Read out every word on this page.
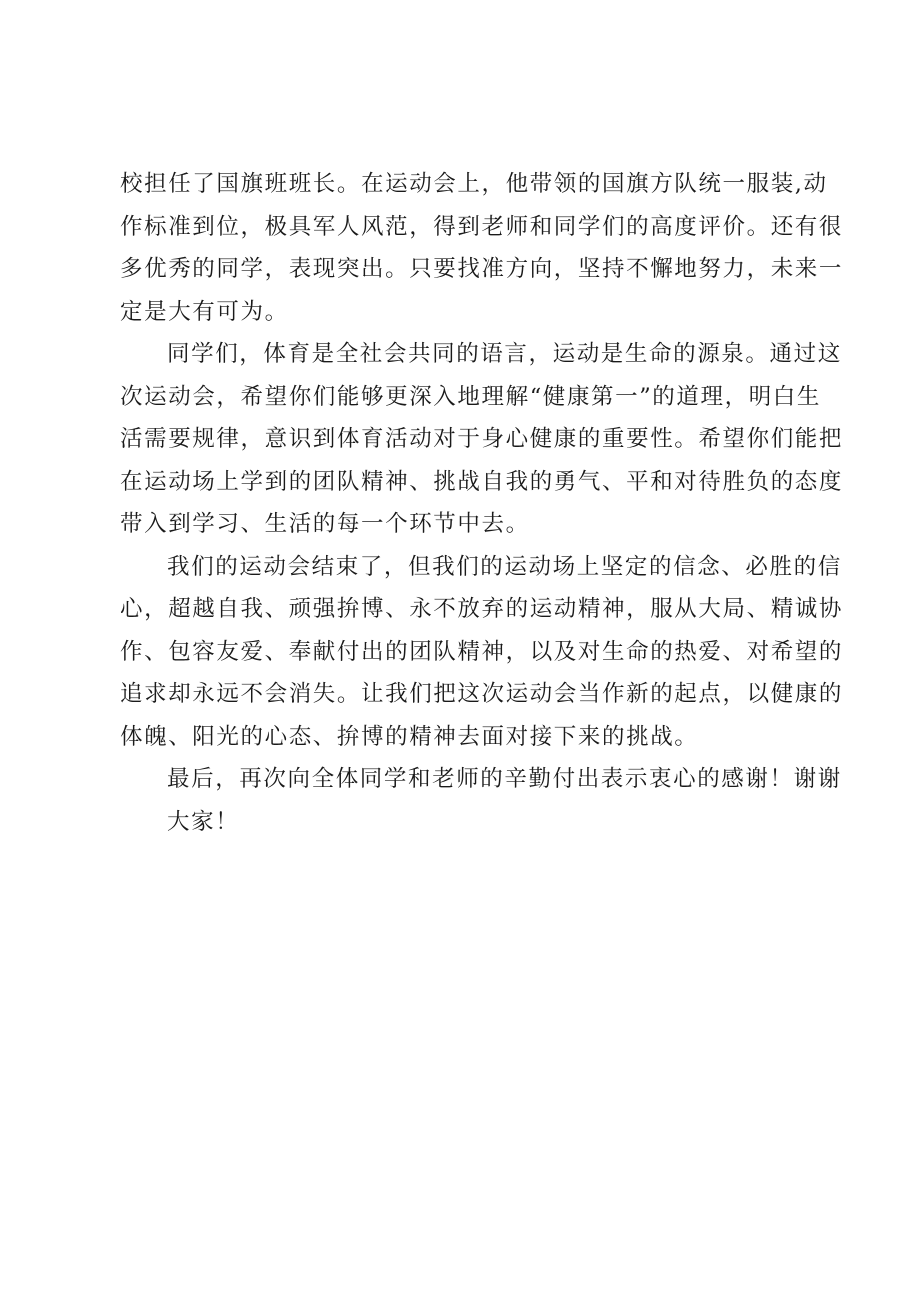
校担任了国旗班班长。在运动会上，他带领的国旗方队统一服装,动
作标准到位，极具军人风范，得到老师和同学们的高度评价。还有很
多优秀的同学，表现突出。只要找准方向，坚持不懈地努力，未来一
定是大有可为。
同学们，体育是全社会共同的语言，运动是生命的源泉。通过这
次运动会，希望你们能够更深入地理解“健康第一”的道理，明白生
活需要规律，意识到体育活动对于身心健康的重要性。希望你们能把
在运动场上学到的团队精神、挑战自我的勇气、平和对待胜负的态度
带入到学习、生活的每一个环节中去。
我们的运动会结束了，但我们的运动场上坚定的信念、必胜的信
心，超越自我、顽强拚博、永不放弃的运动精神，服从大局、精诚协
作、包容友爱、奉献付出的团队精神，以及对生命的热爱、对希望的
追求却永远不会消失。让我们把这次运动会当作新的起点，以健康的
体魄、阳光的心态、拚博的精神去面对接下来的挑战。
最后，再次向全体同学和老师的辛勤付出表示衷心的感谢！谢谢
大家！
